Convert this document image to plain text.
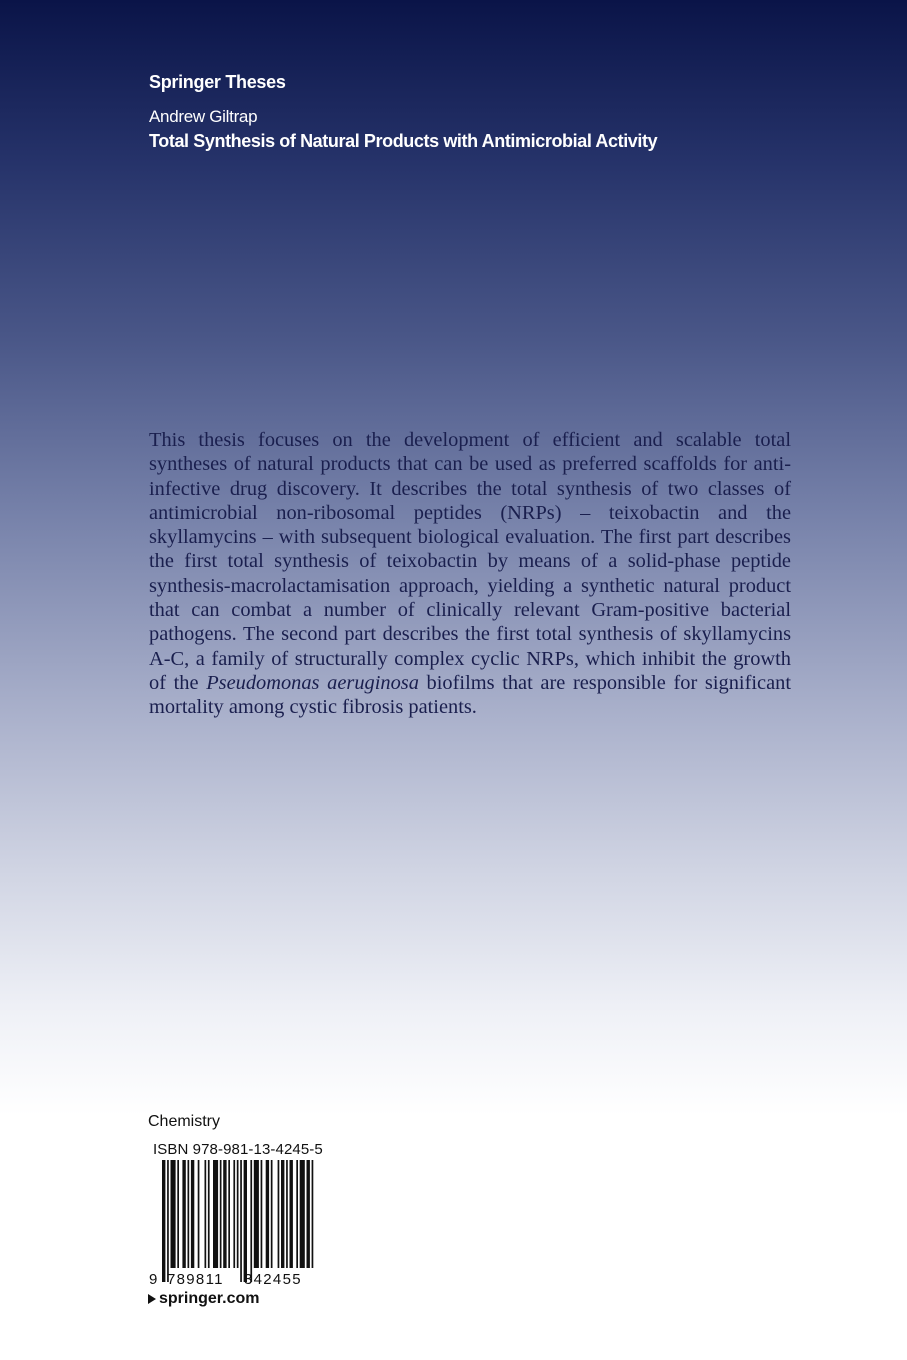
Springer Theses
Andrew Giltrap
Total Synthesis of Natural Products with Antimicrobial Activity
This thesis focuses on the development of efficient and scalable total syntheses of natural products that can be used as preferred scaffolds for anti-infective drug discovery. It describes the total synthesis of two classes of antimicrobial non-ribosomal peptides (NRPs) – teixobactin and the skyllamycins – with subsequent biological evaluation. The first part describes the first total synthesis of teixobactin by means of a solid-phase peptide synthesis-macrolactamisation approach, yielding a synthetic natural product that can combat a number of clinically relevant Gram-positive bacterial pathogens. The second part describes the first total synthesis of skyllamycins A-C, a family of structurally complex cyclic NRPs, which inhibit the growth of the Pseudomonas aeruginosa biofilms that are responsible for significant mortality among cystic fibrosis patients.
Chemistry
ISBN 978-981-13-4245-5
9 789811 342455
springer.com
